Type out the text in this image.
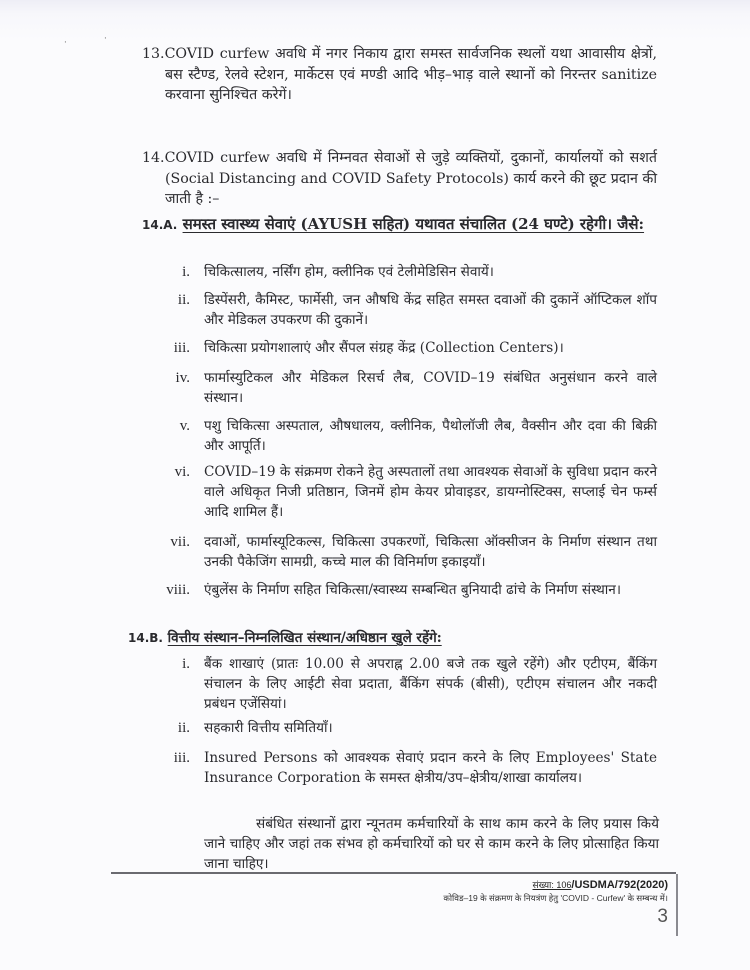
·	·
13.COVID curfew अवधि में नगर निकाय द्वारा समस्त सार्वजनिक स्थलों यथा आवासीय क्षेत्रों, बस स्टैण्ड, रेलवे स्टेशन, मार्केटस एवं मण्डी आदि भीड़–भाड़ वाले स्थानों को निरन्तर sanitize करवाना सुनिश्चित करेगें।
14.COVID curfew अवधि में निम्नवत सेवाओं से जुड़े व्यक्तियों, दुकानों, कार्यालयों को सशर्त (Social Distancing and COVID Safety Protocols) कार्य करने की छूट प्रदान की जाती है :–
14.A. समस्त स्वास्थ्य सेवाएं (AYUSH सहित) यथावत संचालित (24 घण्टे) रहेगी। जैसे:
i. चिकित्सालय, नर्सिंग होम, क्लीनिक एवं टेलीमेडिसिन सेवायें।
ii. डिस्पेंसरी, कैमिस्ट, फार्मेसी, जन औषधि केंद्र सहित समस्त दवाओं की दुकानें ऑप्टिकल शॉप और मेडिकल उपकरण की दुकानें।
iii. चिकित्सा प्रयोगशालाएं और सैंपल संग्रह केंद्र (Collection Centers)।
iv. फार्मास्युटिकल और मेडिकल रिसर्च लैब, COVID–19 संबंधित अनुसंधान करने वाले संस्थान।
v. पशु चिकित्सा अस्पताल, औषधालय, क्लीनिक, पैथोलॉजी लैब, वैक्सीन और दवा की बिक्री और आपूर्ति।
vi. COVID–19 के संक्रमण रोकने हेतु अस्पतालों तथा आवश्यक सेवाओं के सुविधा प्रदान करने वाले अधिकृत निजी प्रतिष्ठान, जिनमें होम केयर प्रोवाइडर, डायग्नोस्टिक्स, सप्लाई चेन फर्म्स आदि शामिल हैं।
vii. दवाओं, फार्मास्यूटिकल्स, चिकित्सा उपकरणों, चिकित्सा ऑक्सीजन के निर्माण संस्थान तथा उनकी पैकेजिंग सामग्री, कच्चे माल की विनिर्माण इकाइयाँ।
viii. एंबुलेंस के निर्माण सहित चिकित्सा/स्वास्थ्य सम्बन्धित बुनियादी ढांचे के निर्माण संस्थान।
14.B. वित्तीय संस्थान–निम्नलिखित संस्थान/अधिष्ठान खुले रहेंगे:
i. बैंक शाखाएं (प्रातः 10.00 से अपराह्न 2.00 बजे तक खुले रहेंगे) और एटीएम, बैंकिंग संचालन के लिए आईटी सेवा प्रदाता, बैंकिंग संपर्क (बीसी), एटीएम संचालन और नकदी प्रबंधन एजेंसियां।
ii. सहकारी वित्तीय समितियाँ।
iii. Insured Persons को आवश्यक सेवाएं प्रदान करने के लिए Employees' State Insurance Corporation के समस्त क्षेत्रीय/उप–क्षेत्रीय/शाखा कार्यालय।
संबंधित संस्थानों द्वारा न्यूनतम कर्मचारियों के साथ काम करने के लिए प्रयास किये जाने चाहिए और जहां तक संभव हो कर्मचारियों को घर से काम करने के लिए प्रोत्साहित किया जाना चाहिए।
संख्या: 106/USDMA/792(2020)
कोविड–19 के संक्रमण के नियत्रंण हेतु 'COVID - Curfew' के सम्बन्ध में।
3
